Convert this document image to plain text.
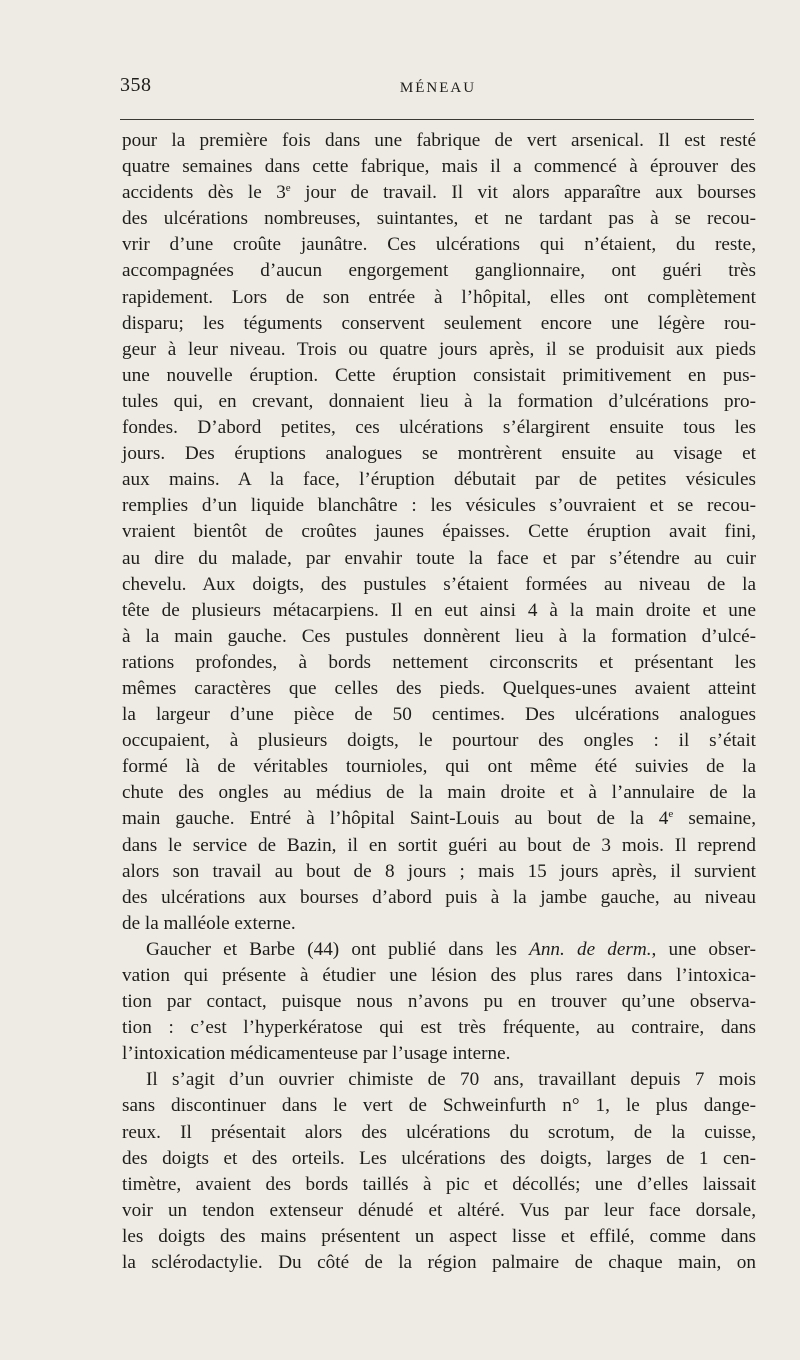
358	MÉNEAU
pour la première fois dans une fabrique de vert arsenical. Il est resté
quatre semaines dans cette fabrique, mais il a commencé à éprouver des
accidents dès le 3e jour de travail. Il vit alors apparaître aux bourses
des ulcérations nombreuses, suintantes, et ne tardant pas à se recou-
vrir d’une croûte jaunâtre. Ces ulcérations qui n’étaient, du reste,
accompagnées d’aucun engorgement ganglionnaire, ont guéri très
rapidement. Lors de son entrée à l’hôpital, elles ont complètement
disparu; les téguments conservent seulement encore une légère rou-
geur à leur niveau. Trois ou quatre jours après, il se produisit aux pieds
une nouvelle éruption. Cette éruption consistait primitivement en pus-
tules qui, en crevant, donnaient lieu à la formation d’ulcérations pro-
fondes. D’abord petites, ces ulcérations s’élargirent ensuite tous les
jours. Des éruptions analogues se montrèrent ensuite au visage et
aux mains. A la face, l’éruption débutait par de petites vésicules
remplies d’un liquide blanchâtre : les vésicules s’ouvraient et se recou-
vraient bientôt de croûtes jaunes épaisses. Cette éruption avait fini,
au dire du malade, par envahir toute la face et par s’étendre au cuir
chevelu. Aux doigts, des pustules s’étaient formées au niveau de la
tête de plusieurs métacarpiens. Il en eut ainsi 4 à la main droite et une
à la main gauche. Ces pustules donnèrent lieu à la formation d’ulcé-
rations profondes, à bords nettement circonscrits et présentant les
mêmes caractères que celles des pieds. Quelques-unes avaient atteint
la largeur d’une pièce de 50 centimes. Des ulcérations analogues
occupaient, à plusieurs doigts, le pourtour des ongles : il s’était
formé là de véritables tournioles, qui ont même été suivies de la
chute des ongles au médius de la main droite et à l’annulaire de la
main gauche. Entré à l’hôpital Saint-Louis au bout de la 4e semaine,
dans le service de Bazin, il en sortit guéri au bout de 3 mois. Il reprend
alors son travail au bout de 8 jours ; mais 15 jours après, il survient
des ulcérations aux bourses d’abord puis à la jambe gauche, au niveau
de la malléole externe.
Gaucher et Barbe (44) ont publié dans les Ann. de derm., une obser-
vation qui présente à étudier une lésion des plus rares dans l’intoxica-
tion par contact, puisque nous n’avons pu en trouver qu’une observa-
tion : c’est l’hyperkératose qui est très fréquente, au contraire, dans
l’intoxication médicamenteuse par l’usage interne.
Il s’agit d’un ouvrier chimiste de 70 ans, travaillant depuis 7 mois
sans discontinuer dans le vert de Schweinfurth n° 1, le plus dange-
reux. Il présentait alors des ulcérations du scrotum, de la cuisse,
des doigts et des orteils. Les ulcérations des doigts, larges de 1 cen-
timètre, avaient des bords taillés à pic et décollés; une d’elles laissait
voir un tendon extenseur dénudé et altéré. Vus par leur face dorsale,
les doigts des mains présentent un aspect lisse et effilé, comme dans
la sclérodactylie. Du côté de la région palmaire de chaque main, on
